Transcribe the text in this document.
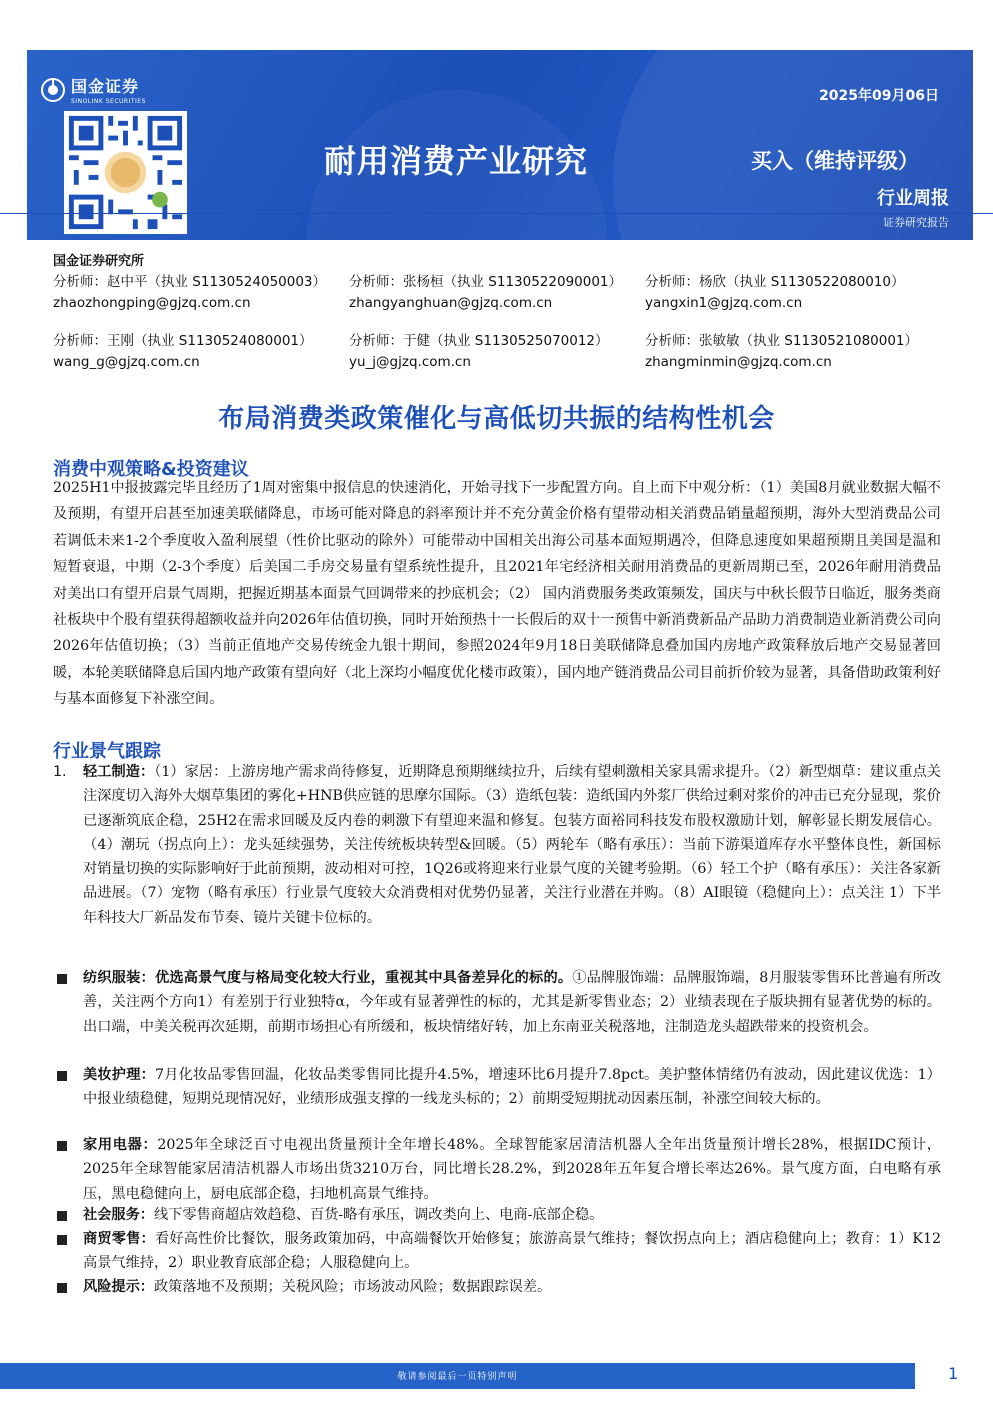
国金证券
SINOLINK SECURITIES	2025年09月06日
耐用消费产业研究	买入（维持评级）
行业周报
证券研究报告
国金证券研究所
分析师：赵中平（执业 S1130524050003）
zhaozhongping@gjzq.com.cn
分析师：张杨桓（执业 S1130522090001）
zhangyanghuan@gjzq.com.cn
分析师：杨欣（执业 S1130522080010）
yangxin1@gjzq.com.cn
分析师：王刚（执业 S1130524080001）
wang_g@gjzq.com.cn
分析师：于健（执业 S1130525070012）
yu_j@gjzq.com.cn
分析师：张敏敏（执业 S1130521080001）
zhangminmin@gjzq.com.cn
布局消费类政策催化与高低切共振的结构性机会
消费中观策略&投资建议
2025H1中报披露完毕且经历了1周对密集中报信息的快速消化，开始寻找下一步配置方向。自上而下中观分析：（1）美国8月就业数据大幅不及预期，有望开启甚至加速美联储降息，市场可能对降息的斜率预计并不充分黄金价格有望带动相关消费品销量超预期，海外大型消费品公司若调低未来1-2个季度收入盈利展望（性价比驱动的除外）可能带动中国相关出海公司基本面短期遇冷，但降息速度如果超预期且美国是温和短暂衰退，中期（2-3个季度）后美国二手房交易量有望系统性提升，且2021年宅经济相关耐用消费品的更新周期已至，2026年耐用消费品对美出口有望开启景气周期，把握近期基本面景气回调带来的抄底机会；（2） 国内消费服务类政策频发，国庆与中秋长假节日临近，服务类商社板块中个股有望获得超额收益并向2026年估值切换，同时开始预热十一长假后的双十一预售中新消费新品产品助力消费制造业新消费公司向2026年估值切换；（3）当前正值地产交易传统金九银十期间，参照2024年9月18日美联储降息叠加国内房地产政策释放后地产交易显著回暖，本轮美联储降息后国内地产政策有望向好（北上深均小幅度优化楼市政策），国内地产链消费品公司目前折价较为显著，具备借助政策利好与基本面修复下补涨空间。
行业景气跟踪
1. 轻工制造：（1）家居：上游房地产需求尚待修复，近期降息预期继续拉升，后续有望刺激相关家具需求提升。（2）新型烟草：建议重点关注深度切入海外大烟草集团的雾化+HNB供应链的思摩尔国际。（3）造纸包装：造纸国内外浆厂供给过剩对浆价的冲击已充分显现，浆价已逐渐筑底企稳，25H2在需求回暖及反内卷的刺激下有望迎来温和修复。包装方面裕同科技发布股权激励计划，解彰显长期发展信心。（4）潮玩（拐点向上）：龙头延续强势，关注传统板块转型&回暖。（5）两轮车（略有承压）：当前下游渠道库存水平整体良性，新国标对销量切换的实际影响好于此前预期，波动相对可控，1Q26或将迎来行业景气度的关键考验期。（6）轻工个护（略有承压）：关注各家新品进展。（7）宠物（略有承压）行业景气度较大众消费相对优势仍显著，关注行业潜在并购。（8）AI眼镜（稳健向上）：点关注 1）下半年科技大厂新品发布节奏、镜片关键卡位标的。
纺织服装：优选高景气度与格局变化较大行业，重视其中具备差异化的标的。①品牌服饰端：品牌服饰端，8月服装零售环比普遍有所改善，关注两个方向1）有差别于行业独特α，今年或有显著弹性的标的，尤其是新零售业态；2）业绩表现在子版块拥有显著优势的标的。出口端，中美关税再次延期，前期市场担心有所缓和，板块情绪好转，加上东南亚关税落地，注制造龙头超跌带来的投资机会。
美妆护理：7月化妆品零售回温，化妆品类零售同比提升4.5%，增速环比6月提升7.8pct。美护整体情绪仍有波动，因此建议优选：1）中报业绩稳健，短期兑现情况好，业绩形成强支撑的一线龙头标的；2）前期受短期扰动因素压制，补涨空间较大标的。
家用电器：2025年全球泛百寸电视出货量预计全年增长48%。全球智能家居清洁机器人全年出货量预计增长28%，根据IDC预计，2025年全球智能家居清洁机器人市场出货3210万台，同比增长28.2%，到2028年五年复合增长率达26%。景气度方面，白电略有承压，黑电稳健向上，厨电底部企稳，扫地机高景气维持。
社会服务：线下零售商超店效趋稳、百货-略有承压，调改类向上、电商-底部企稳。
商贸零售：看好高性价比餐饮，服务政策加码，中高端餐饮开始修复；旅游高景气维持；餐饮拐点向上；酒店稳健向上；教育：1）K12高景气维持，2）职业教育底部企稳；人服稳健向上。
风险提示：政策落地不及预期；关税风险；市场波动风险；数据跟踪误差。
敬请参阅最后一页特别声明	1
